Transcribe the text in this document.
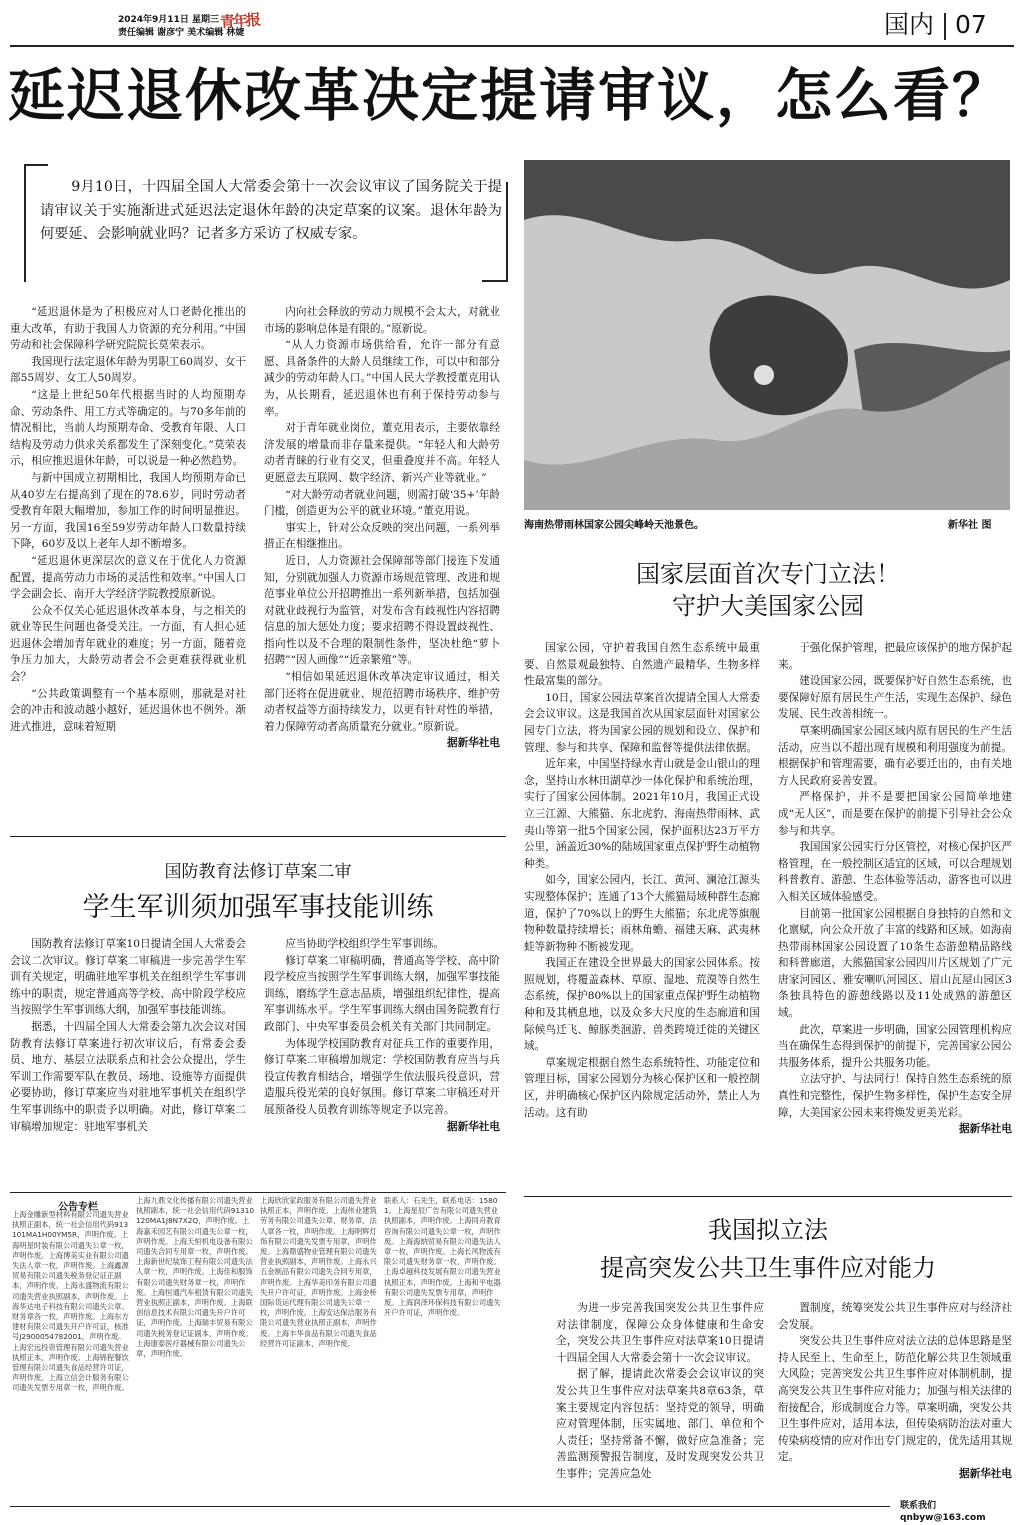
2024年9月11日 星期三
责任编辑 谢彦宁 美术编辑 林婕
青年报	国内 07
延迟退休改革决定提请审议，怎么看？
9月10日，十四届全国人大常委会第十一次会议审议了国务院关于提请审议关于实施渐进式延迟法定退休年龄的决定草案的议案。退休年龄为何要延、会影响就业吗？记者多方采访了权威专家。

“延迟退休是为了积极应对人口老龄化推出的重大改革，有助于我国人力资源的充分利用。”中国劳动和社会保障科学研究院院长莫荣表示。

我国现行法定退休年龄为男职工60周岁、女干部55周岁、女工人50周岁。

“这是上世纪50年代根据当时的人均预期寿命、劳动条件、用工方式等确定的。与70多年前的情况相比，当前人均预期寿命、受教育年限、人口结构及劳动力供求关系都发生了深刻变化。”莫荣表示，相应推迟退休年龄，可以说是一种必然趋势。

与新中国成立初期相比，我国人均预期寿命已从40岁左右提高到了现在的78.6岁，同时劳动者受教育年限大幅增加，参加工作的时间明显推迟。另一方面，我国16至59岁劳动年龄人口数量持续下降，60岁及以上老年人却不断增多。

“延迟退休更深层次的意义在于优化人力资源配置，提高劳动力市场的灵活性和效率。”中国人口学会副会长、南开大学经济学院教授原新说。

公众不仅关心延迟退休改革本身，与之相关的就业等民生问题也备受关注。一方面，有人担心延迟退休会增加青年就业的难度；另一方面，随着竞争压力加大，大龄劳动者会不会更难获得就业机会？

“公共政策调整有一个基本原则，那就是对社会的冲击和波动越小越好，延迟退休也不例外。渐进式推进，意味着短期

内向社会释放的劳动力规模不会太大，对就业市场的影响总体是有限的。”原新说。

“从人力资源市场供给看，允许一部分有意愿、具备条件的大龄人员继续工作，可以中和部分减少的劳动年龄人口。”中国人民大学教授董克用认为，从长期看，延迟退休也有利于保持劳动参与率。

对于青年就业岗位，董克用表示，主要依靠经济发展的增量而非存量来提供。“年轻人和大龄劳动者青睐的行业有交叉，但重叠度并不高。年轻人更愿意去互联网、数字经济、新兴产业等就业。”

“对大龄劳动者就业问题，则需打破‘35+’年龄门槛，创造更为公平的就业环境。”董克用说。

事实上，针对公众反映的突出问题，一系列举措正在相继推出。

近日，人力资源社会保障部等部门接连下发通知，分别就加强人力资源市场规范管理、改进和规范事业单位公开招聘推出一系列新举措，包括加强对就业歧视行为监管，对发布含有歧视性内容招聘信息的加大惩处力度；要求招聘不得设置歧视性、指向性以及不合理的限制性条件，坚决杜绝“萝卜招聘”“因人画像”“近亲繁殖”等。

“相信如果延迟退休改革决定审议通过，相关部门还将在促进就业、规范招聘市场秩序、维护劳动者权益等方面持续发力，以更有针对性的举措，着力保障劳动者高质量充分就业。”原新说。

据新华社电

海南热带雨林国家公园尖峰岭天池景色。	新华社 图
国家层面首次专门立法！
守护大美国家公园

国家公园，守护着我国自然生态系统中最重要、自然景观最独特、自然遗产最精华、生物多样性最富集的部分。

10日，国家公园法草案首次提请全国人大常委会会议审议。这是我国首次从国家层面针对国家公园专门立法，将为国家公园的规划和设立、保护和管理、参与和共享、保障和监督等提供法律依据。

近年来，中国坚持绿水青山就是金山银山的理念，坚持山水林田湖草沙一体化保护和系统治理，实行了国家公园体制。2021年10月，我国正式设立三江源、大熊猫、东北虎豹、海南热带雨林、武夷山等第一批5个国家公园，保护面积达23万平方公里，涵盖近30%的陆域国家重点保护野生动植物种类。

如今，国家公园内，长江、黄河、澜沧江源头实现整体保护；连通了13个大熊猫局域种群生态廊道，保护了70%以上的野生大熊猫；东北虎等旗舰物种数量持续增长；雨林角蟾、福建天麻、武夷林蛙等新物种不断被发现。

我国正在建设全世界最大的国家公园体系。按照规划，将覆盖森林、草原、湿地、荒漠等自然生态系统，保护80%以上的国家重点保护野生动植物种和及其栖息地，以及众多大尺度的生态廊道和国际候鸟迁飞、鲸豚类洄游、兽类跨境迁徙的关键区域。

草案规定根据自然生态系统特性、功能定位和管理目标，国家公园划分为核心保护区和一般控制区，并明确核心保护区内除规定活动外，禁止人为活动。这有助

于强化保护管理，把最应该保护的地方保护起来。

建设国家公园，既要保护好自然生态系统，也要保障好原有居民生产生活，实现生态保护、绿色发展、民生改善相统一。

草案明确国家公园区域内原有居民的生产生活活动，应当以不超出现有规模和利用强度为前提。根据保护和管理需要，确有必要迁出的，由有关地方人民政府妥善安置。

严格保护，并不是要把国家公园简单地建成“无人区”，而是要在保护的前提下引导社会公众参与和共享。

我国国家公园实行分区管控，对核心保护区严格管理，在一般控制区适宜的区域，可以合理规划科普教育、游憩、生态体验等活动，游客也可以进入相关区域体验感受。

目前第一批国家公园根据自身独特的自然和文化禀赋，向公众开放了丰富的线路和区域。如海南热带雨林国家公园设置了10条生态游憩精品路线和科普廊道，大熊猫国家公园四川片区规划了广元唐家河园区、雅安喇叭河园区、眉山瓦屋山园区3条独具特色的游憩线路以及11处成熟的游憩区域。

此次，草案进一步明确，国家公园管理机构应当在确保生态得到保护的前提下，完善国家公园公共服务体系，提升公共服务功能。

立法守护、与法同行！保持自然生态系统的原真性和完整性，保护生物多样性，保护生态安全屏障，大美国家公园未来将焕发更美光彩。

据新华社电

国防教育法修订草案二审
学生军训须加强军事技能训练

国防教育法修订草案10日提请全国人大常委会会议二次审议。修订草案二审稿进一步完善学生军训有关规定，明确驻地军事机关在组织学生军事训练中的职责，规定普通高等学校、高中阶段学校应当按照学生军事训练大纲，加强军事技能训练。

据悉，十四届全国人大常委会第九次会议对国防教育法修订草案进行初次审议后，有常委会委员、地方、基层立法联系点和社会公众提出，学生军训工作需要军队在教员、场地、设施等方面提供必要协助，修订草案应当对驻地军事机关在组织学生军事训练中的职责予以明确。对此，修订草案二审稿增加规定：驻地军事机关

应当协助学校组织学生军事训练。

修订草案二审稿明确，普通高等学校、高中阶段学校应当按照学生军事训练大纲，加强军事技能训练，磨练学生意志品质，增强组织纪律性，提高军事训练水平。学生军事训练大纲由国务院教育行政部门、中央军事委员会机关有关部门共同制定。

为体现学校国防教育对征兵工作的重要作用，修订草案二审稿增加规定：学校国防教育应当与兵役宣传教育相结合，增强学生依法服兵役意识，营造服兵役光荣的良好氛围。修订草案二审稿还对开展预备役人员教育训练等规定予以完善。

据新华社电

公告专栏
上海金雕新型材料有限公司遗失营业执照正副本，统一社会信用代码913101MA1H00YM5R，声明作废。上海明星时装有限公司遗失公章一枚，声明作废。上海博美实业有限公司遗失法人章一枚，声明作废。上海鑫源贸易有限公司遗失税务登记证正副本，声明作废。上海永盛物流有限公司遗失营业执照副本，声明作废。上海华达电子科技有限公司遗失公章、财务章各一枚，声明作废。上海东方建材有限公司遗失开户许可证，核准号J2900054782001，声明作废。上海宏远投资管理有限公司遗失营业执照正本，声明作废。上海锦程餐饮管理有限公司遗失食品经营许可证，声明作废。上海立信会计服务有限公司遗失发票专用章一枚，声明作废。
上海九鼎文化传播有限公司遗失营业执照副本，统一社会信用代码91310120MA1J8N7X2Q，声明作废。上海嘉禾园艺有限公司遗失公章一枚，声明作废。上海天恒机电设备有限公司遗失合同专用章一枚，声明作废。上海新世纪装饰工程有限公司遗失法人章一枚，声明作废。上海佳和服饰有限公司遗失财务章一枚，声明作废。上海恒通汽车租赁有限公司遗失营业执照正副本，声明作废。上海联创信息技术有限公司遗失开户许可证，声明作废。上海瑞丰贸易有限公司遗失税务登记证副本，声明作废。上海康泰医疗器械有限公司遗失公章，声明作废。
上海欣欣家政服务有限公司遗失营业执照正本，声明作废。上海伟业建筑劳务有限公司遗失公章、财务章、法人章各一枚，声明作废。上海明辉灯饰有限公司遗失发票专用章，声明作废。上海鼎盛物业管理有限公司遗失营业执照副本，声明作废。上海永兴五金制品有限公司遗失合同专用章，声明作废。上海华美印务有限公司遗失开户许可证，声明作废。上海金桥国际货运代理有限公司遗失公章一枚，声明作废。上海安达保洁服务有限公司遗失营业执照正副本，声明作废。上海丰华食品有限公司遗失食品经营许可证副本，声明作废。
联系人：石先生，联系电话：15801。上海星辰广告有限公司遗失营业执照副本，声明作废。上海同舟教育咨询有限公司遗失公章一枚，声明作废。上海海纳贸易有限公司遗失法人章一枚，声明作废。上海长风物流有限公司遗失财务章一枚，声明作废。上海卓越科技发展有限公司遗失营业执照正本，声明作废。上海和平电器有限公司遗失发票专用章，声明作废。上海润泽环保科技有限公司遗失开户许可证，声明作废。
我国拟立法
提高突发公共卫生事件应对能力

为进一步完善我国突发公共卫生事件应对法律制度，保障公众身体健康和生命安全，突发公共卫生事件应对法草案10日提请十四届全国人大常委会第十一次会议审议。

据了解，提请此次常委会会议审议的突发公共卫生事件应对法草案共8章63条，草案主要规定内容包括：坚持党的领导，明确应对管理体制，压实属地、部门、单位和个人责任；坚持常备不懈，做好应急准备；完善监测预警报告制度，及时发现突发公共卫生事件；完善应急处

置制度，统筹突发公共卫生事件应对与经济社会发展。

突发公共卫生事件应对法立法的总体思路是坚持人民至上、生命至上，防范化解公共卫生领域重大风险；完善突发公共卫生事件应对体制机制，提高突发公共卫生事件应对能力；加强与相关法律的衔接配合，形成制度合力等。草案明确，突发公共卫生事件应对，适用本法，但传染病防治法对重大传染病疫情的应对作出专门规定的，优先适用其规定。

据新华社电

联系我们 qnbyw@163.com
